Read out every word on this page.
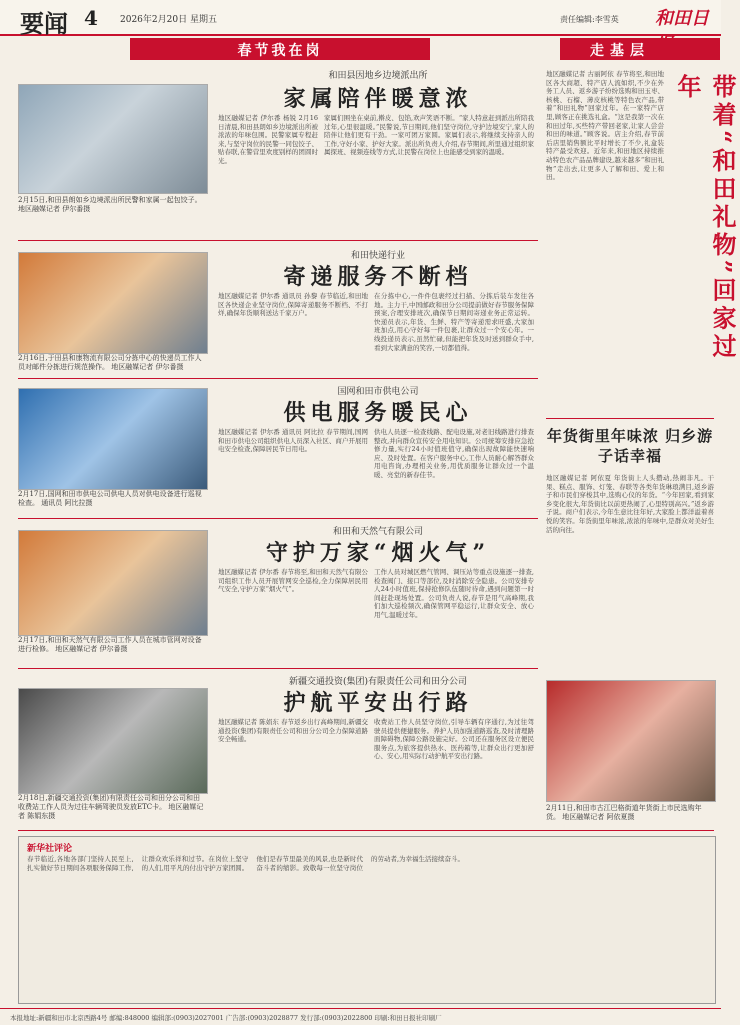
要闻 4 2026年2月20日 星期五	责任编辑:李雪英 和田日
春节我在岗	走基层
和田县因地乡边境派出所
家属陪伴暖意浓
2月15日,和田县朗如乡边境派出所民警和家属一起包饺子。 地区融媒记者 伊尔番摄
地区融媒记者 伊尔番 杨锐 2月16日清晨,和田县朗如乡边境派出所被浓浓的年味包围。民警家属专程赶来,与坚守岗位的民警一同包饺子、贴春联,在警营里欢度别样的团圆时光。
家属们围坐在桌前,擀皮、包馅,欢声笑语不断。“家人特意赶到派出所陪我过年,心里很温暖。”民警说,节日期间,他们坚守岗位,守护边境安宁,家人的陪伴让他们更有干劲。一家可团万家圆。家属们表示,将继续支持亲人的工作,守好小家、护好大家。派出所负责人介绍,春节期间,所里通过组织家属探班、视频连线等方式,让民警在岗位上也能感受到家的温暖。
和田快递行业
寄递服务不断档
2月16日,于田县和康物流有限公司分拣中心的快递员工作人员对邮件分拣进行规范操作。 地区融媒记者 伊尔番摄
地区融媒记者 伊尔番 通讯员 孙黎 春节临近,和田地区各快递企业坚守岗位,保障寄递服务不断档、不打烊,确保年货顺利送达千家万户。
在分拣中心,一件件包裹经过扫描、分拣后装车发往各地。主力干,中国邮政和田分公司提前做好春节服务保障预案,合理安排班次,确保节日期间寄递业务正常运转。快递员表示,年货、生鲜、特产等寄递需求旺盛,大家加班加点,用心守好每一件包裹,让群众过一个安心年。一线投递员表示,虽然忙碌,但能把年货及时送到群众手中,看到大家满意的笑容,一切都值得。
国网和田市供电公司
供电服务暖民心
2月17日,国网和田市供电公司供电人员对供电设备进行巡视检查。 通讯员 阿比拉摄
地区融媒记者 伊尔番 通讯员 阿比拉 春节期间,国网和田市供电公司组织供电人员深入社区、商户开展用电安全检查,保障居民节日用电。
供电人员逐一检查线路、配电设施,对老旧线路进行排查整改,并向群众宣传安全用电知识。公司统筹安排应急抢修力量,实行24小时值班值守,确保出现故障能快速响应、及时处置。在客户服务中心,工作人员耐心解答群众用电咨询,办理相关业务,用优质服务让群众过一个温暖、亮堂的新春佳节。
和田和天然气有限公司
守护万家“烟火气”
2月17日,和田和天然气有限公司工作人员在城市管网对设备进行检修。 地区融媒记者 伊尔番摄
地区融媒记者 伊尔番 春节将至,和田和天然气有限公司组织工作人员开展管网安全巡检,全力保障居民用气安全,守护万家“烟火气”。
工作人员对城区燃气管网、调压站等重点设施逐一排查,检查阀门、接口等部位,及时消除安全隐患。公司安排专人24小时值班,保持抢修队伍随时待命,遇到问题第一时间赶赴现场处置。公司负责人说,春节是用气高峰期,我们加大巡检频次,确保管网平稳运行,让群众安全、放心用气,温暖过年。
新疆交通投资(集团)有限责任公司和田分公司
护航平安出行路
2月18日,新疆交通投资(集团)有限责任公司和田分公司和田收费站工作人员为过往车辆驾驶员发放ETC卡。 地区融媒记者 陈娟东摄
地区融媒记者 陈娟东 春节返乡出行高峰期间,新疆交通投资(集团)有限责任公司和田分公司全力保障道路安全畅通。
收费站工作人员坚守岗位,引导车辆有序通行,为过往驾驶员提供便捷服务。养护人员加强道路巡查,及时清理路面障碍物,保障公路设施完好。公司还在服务区设立便民服务点,为旅客提供热水、医药箱等,让群众出行更加舒心、安心,用实际行动护航平安出行路。
带着“和田礼物”回家过年
地区融媒记者 古丽阿依 春节将至,和田地区各大商超、特产店人流如织,不少在外务工人员、返乡游子纷纷选购和田玉枣、核桃、石榴、薄皮核桃等特色农产品,带着“和田礼物”回家过年。在一家特产店里,顾客正在挑选礼盒。“这是我第一次在和田过年,买些特产带回老家,让家人尝尝和田的味道。”顾客说。店主介绍,春节前后店里销售额比平时增长了不少,礼盒装特产最受欢迎。近年来,和田地区持续推动特色农产品品牌建设,越来越多“和田礼物”走出去,让更多人了解和田、爱上和田。
年货街里年味浓 归乡游子话幸福
地区融媒记者 阿依夏 年货街上人头攒动,热闹非凡。干果、糕点、服饰、灯笼、春联等各类年货琳琅满目,返乡游子和市民们穿梭其中,选购心仪的年货。“今年回家,看到家乡变化很大,年货街比以前更热闹了,心里特别高兴。”返乡游子说。商户们表示,今年生意比往年好,大家脸上都洋溢着喜悦的笑容。年货街里年味浓,浓浓的年味中,是群众对美好生活的向往。
2月11日,和田市古江巴格街道年货街上市民选购年货。 地区融媒记者 阿依夏摄
新华社评论
春节临近,各地各部门坚持人民至上,扎实做好节日期间各项服务保障工作,让群众欢乐祥和过节。在岗位上坚守的人们,用平凡的付出守护万家团圆。他们是春节里最美的风景,也是新时代奋斗者的缩影。致敬每一位坚守岗位的劳动者,为幸福生活接续奋斗。
本报地址:新疆和田市北京西路4号 邮编:848000 编辑部:(0903)2027001 广告部:(0903)2028877 发行部:(0903)2022800 印刷:和田日报社印刷厂
